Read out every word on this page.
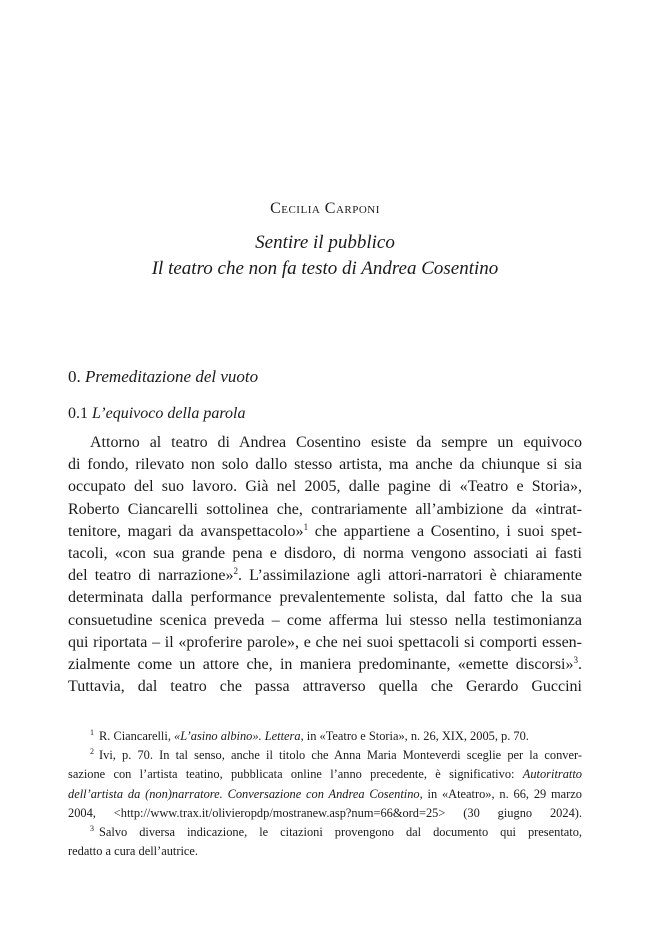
Cecilia Carponi
Sentire il pubblico
Il teatro che non fa testo di Andrea Cosentino
0. Premeditazione del vuoto
0.1 L’equivoco della parola
Attorno al teatro di Andrea Cosentino esiste da sempre un equivoco
di fondo, rilevato non solo dallo stesso artista, ma anche da chiunque si sia
occupato del suo lavoro. Già nel 2005, dalle pagine di «Teatro e Storia»,
Roberto Ciancarelli sottolinea che, contrariamente all’ambizione da «intrat-
tenitore, magari da avanspettacolo»$^1$ che appartiene a Cosentino, i suoi spet-
tacoli, «con sua grande pena e disdoro, di norma vengono associati ai fasti
del teatro di narrazione»$^2$. L’assimilazione agli attori-narratori è chiaramente
determinata dalla performance prevalentemente solista, dal fatto che la sua
consuetudine scenica preveda – come afferma lui stesso nella testimonianza
qui riportata – il «proferire parole», e che nei suoi spettacoli si comporti essen-
zialmente come un attore che, in maniera predominante, «emette discorsi»$^3$.
Tuttavia, dal teatro che passa attraverso quella che Gerardo Guccini
$^1$ R. Ciancarelli, «L’asino albino». Lettera, in «Teatro e Storia», n. 26, XIX, 2005, p. 70.
$^2$ Ivi, p. 70. In tal senso, anche il titolo che Anna Maria Monteverdi sceglie per la conver-
sazione con l’artista teatino, pubblicata online l’anno precedente, è significativo: Autoritratto
dell’artista da (non)narratore. Conversazione con Andrea Cosentino, in «Ateatro», n. 66, 29 marzo
2004, <http://www.trax.it/olivieropdp/mostranew.asp?num=66&ord=25> (30 giugno 2024).
$^3$ Salvo diversa indicazione, le citazioni provengono dal documento qui presentato,
redatto a cura dell’autrice.
